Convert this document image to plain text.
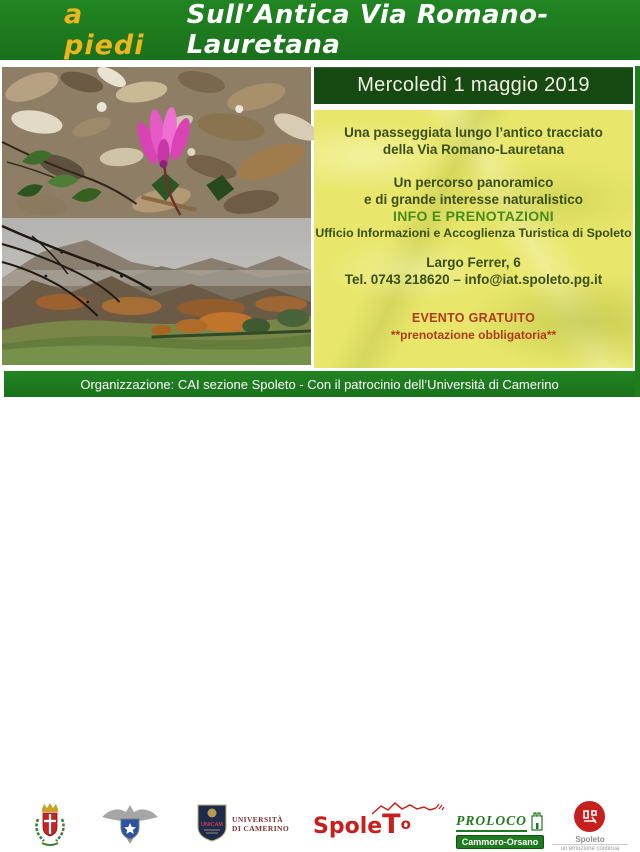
a piedi
Sull’Antica Via Romano-Lauretana
Mercoledì 1 maggio 2019

Una passeggiata lungo l’antico tracciato

della Via Romano-Lauretana

Un percorso panoramico

e di grande interesse naturalistico

INFO E PRENOTAZIONI

Ufficio Informazioni e Accoglienza Turistica di Spoleto

Largo Ferrer, 6

Tel. 0743 218620 – info@iat.spoleto.pg.it

EVENTO GRATUITO

**prenotazione obbligatoria**

Organizzazione: CAI sezione Spoleto - Con il patrocinio dell’Università di Camerino
UNICAM
UNIVERSITÀ
DI CAMERINO SpoleTo	PROLOCO
Cammoro-Orsano	Spoleto
un’emozione continua
